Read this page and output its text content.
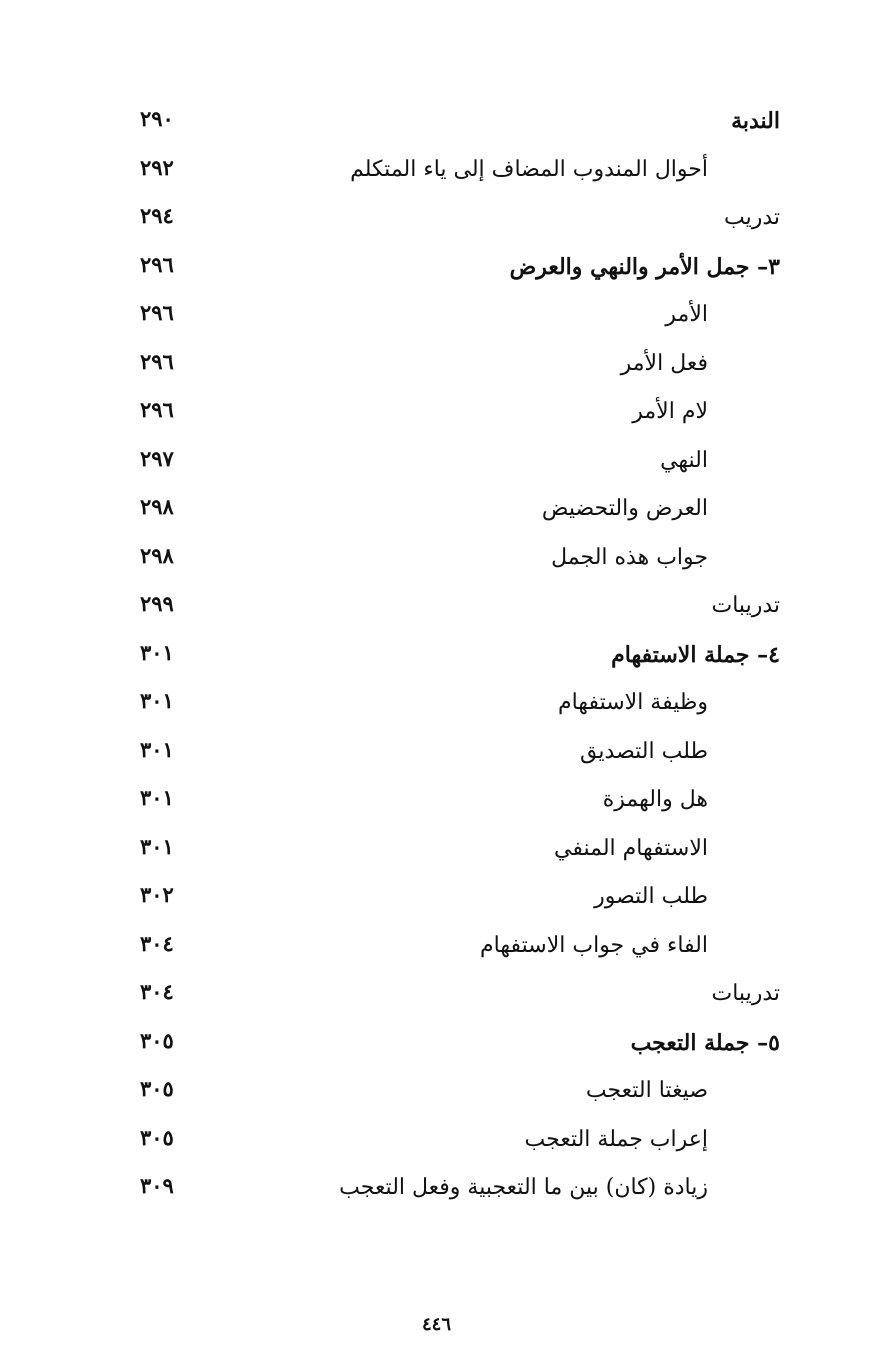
الندبة
٢٩٠
أحوال المندوب المضاف إلى ياء المتكلم
٢٩٢
تدريب
٢٩٤
٣– جمل الأمر والنهي والعرض
٢٩٦
الأمر
٢٩٦
فعل الأمر
٢٩٦
لام الأمر
٢٩٦
النهي
٢٩٧
العرض والتحضيض
٢٩٨
جواب هذه الجمل
٢٩٨
تدريبات
٢٩٩
٤– جملة الاستفهام
٣٠١
وظيفة الاستفهام
٣٠١
طلب التصديق
٣٠١
هل والهمزة
٣٠١
الاستفهام المنفي
٣٠١
طلب التصور
٣٠٢
الفاء في جواب الاستفهام
٣٠٤
تدريبات
٣٠٤
٥– جملة التعجب
٣٠٥
صيغتا التعجب
٣٠٥
إعراب جملة التعجب
٣٠٥
زيادة (كان) بين ما التعجبية وفعل التعجب
٣٠٩
٤٤٦
